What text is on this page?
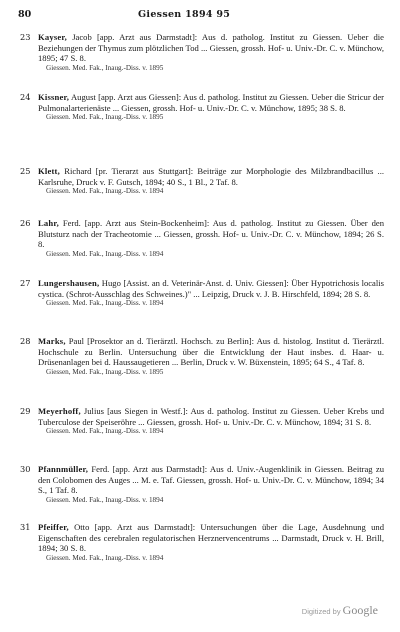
80	Giessen 1894 95
23 Kayser, Jacob [app. Arzt aus Darmstadt]: Aus d. patholog. Institut zu Giessen. Ueber die Beziehungen der Thymus zum plötzlichen Tod ... Giessen, grossh. Hof- u. Univ.-Dr. C. v. Münchow, 1895; 47 S. 8.
Giessen. Med. Fak., Inaug.-Diss. v. 1895
24 Kissner, August [app. Arzt aus Giessen]: Aus d. patholog. Institut zu Giessen. Ueber die Stricur der Pulmonalarterienäste ... Giessen, grossh. Hof- u. Univ.-Dr. C. v. Münchow, 1895; 38 S. 8.
Giessen. Med. Fak., Inaug.-Diss. v. 1895
25 Klett, Richard [pr. Tierarzt aus Stuttgart]: Beiträge zur Morphologie des Milzbrandbacillus ... Karlsruhe, Druck v. F. Gutsch, 1894; 40 S., 1 Bl., 2 Taf. 8.
Giessen. Med. Fak., Inaug.-Diss. v. 1894
26 Lahr, Ferd. [app. Arzt aus Stein-Bockenheim]: Aus d. patholog. Institut zu Giessen. Über den Blutsturz nach der Tracheotomie ... Giessen, grossh. Hof- u. Univ.-Dr. C. v. Münchow, 1894; 26 S. 8.
Giessen. Med. Fak., Inaug.-Diss. v. 1894
27 Lungershausen, Hugo [Assist. an d. Veterinär-Anst. d. Univ. Giessen]: Über Hypotrichosis localis cystica. (Schrot-Ausschlag des Schweines.)" ... Leipzig, Druck v. J. B. Hirschfeld, 1894; 28 S. 8.
Giessen. Med. Fak., Inaug.-Diss. v. 1894
28 Marks, Paul [Prosektor an d. Tierärztl. Hochsch. zu Berlin]: Aus d. histolog. Institut d. Tierärztl. Hochschule zu Berlin. Untersuchung über die Entwicklung der Haut insbes. d. Haar- u. Drüsenanlagen bei d. Haussaugetieren ... Berlin, Druck v. W. Büxenstein, 1895; 64 S., 4 Taf. 8.
Giessen, Med. Fak., Inaug.-Diss. v. 1895
29 Meyerhoff, Julius [aus Siegen in Westf.]: Aus d. patholog. Institut zu Giessen. Ueber Krebs und Tuberculose der Speiseröhre ... Giessen, grossh. Hof- u. Univ.-Dr. C. v. Münchow, 1894; 31 S. 8.
Giessen. Med. Fak., Inaug.-Diss. v. 1894
30 Pfannmüller, Ferd. [app. Arzt aus Darmstadt]: Aus d. Univ.-Augenklinik in Giessen. Beitrag zu den Colobomen des Auges ... M. e. Taf. Giessen, grossh. Hof- u. Univ.-Dr. C. v. Münchow, 1894; 34 S., 1 Taf. 8.
Giessen. Med. Fak., Inaug.-Diss. v. 1894
31 Pfeiffer, Otto [app. Arzt aus Darmstadt]: Untersuchungen über die Lage, Ausdehnung und Eigenschaften des cerebralen regulatorischen Herznervencentrums ... Darmstadt, Druck v. H. Brill, 1894; 30 S. 8.
Giessen. Med. Fak., Inaug.-Diss. v. 1894
Digitized by Google
